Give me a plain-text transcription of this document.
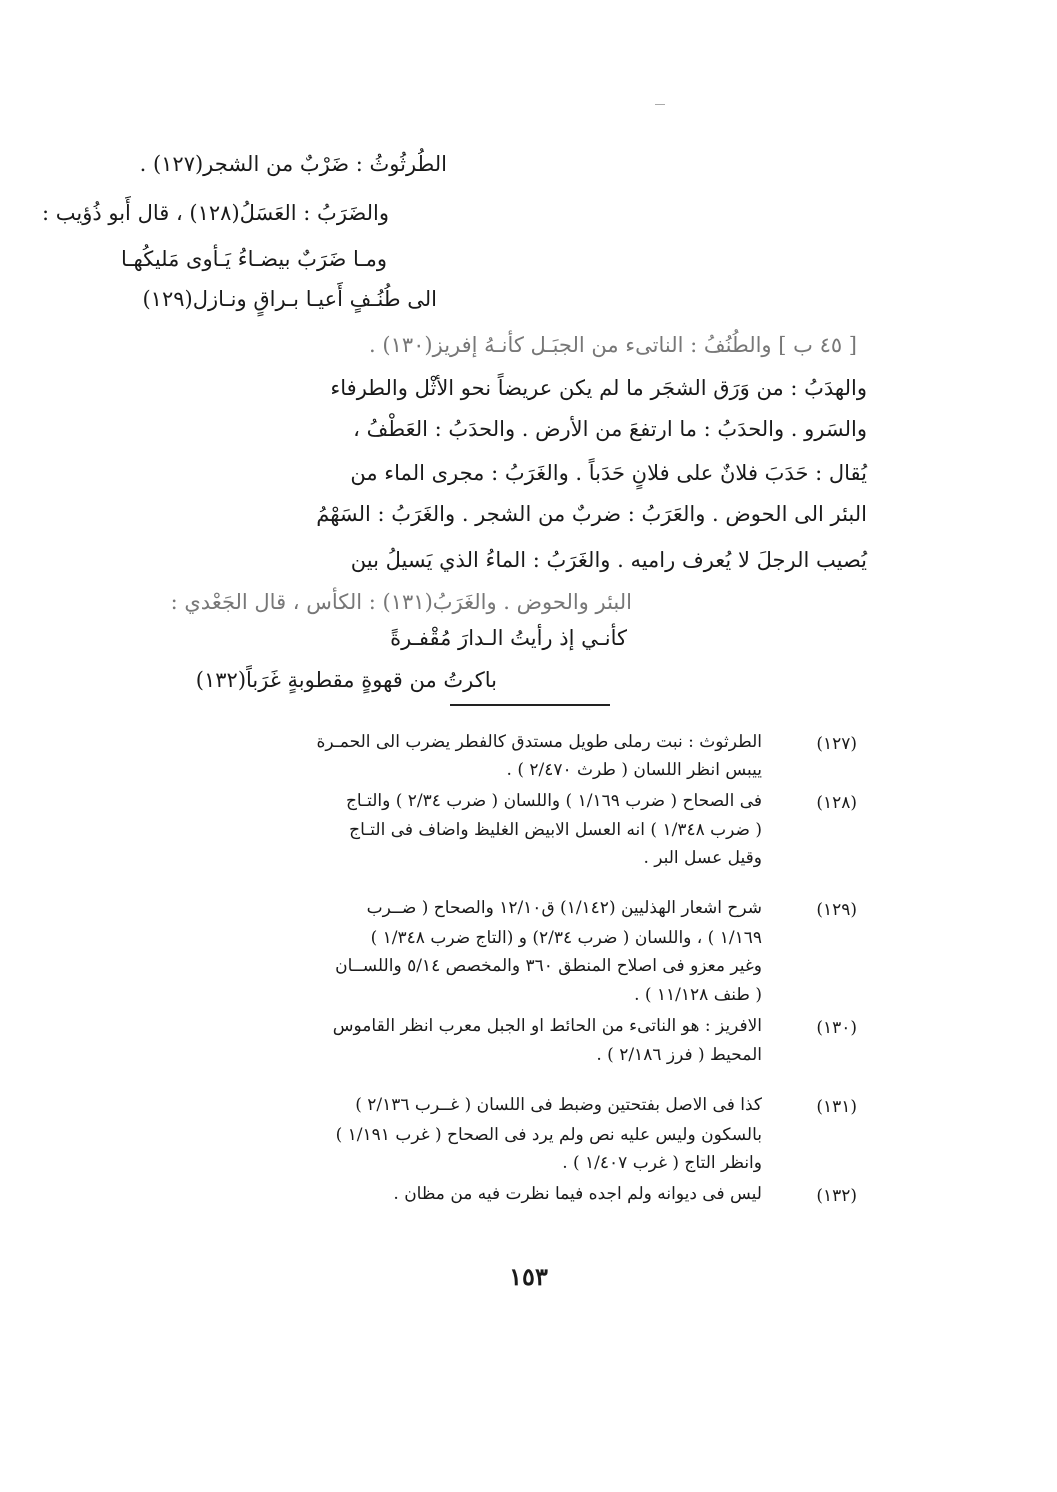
الطُرثُوثُ : ضَرْبٌ من الشجر(١٢٧) .
والضَرَبُ : العَسَلُ(١٢٨) ، قال أَبو ذُؤيب :
ومـا ضَرَبٌ بيضـاءُ يَـأوى مَليكُهـا
الى طُنُـفٍ أَعيـا بـراقٍ ونـازل(١٢٩)
[ ٤٥ ب ] والطُنُفُ : الناتىء من الجبَـل كأنـهُ إفريز(١٣٠) .
والهدَبُ : من وَرَق الشجَر ما لم يكن عريضاً نحو الأثْل والطرفاء
والسَرو . والحدَبُ : ما ارتفعَ من الأرض . والحدَبُ : العَطْفُ ،
يُقال : حَدَبَ فلانٌ على فلانٍ حَدَباً . والغَرَبُ : مجرى الماء من
البئر الى الحوض . والعَرَبُ : ضربٌ من الشجر . والغَرَبُ : السَهْمُ
يُصيب الرجلَ لا يُعرف راميه . والغَرَبُ : الماءُ الذي يَسيلُ بين
البئر والحوض . والغَرَبُ(١٣١) : الكأس ، قال الجَعْدي :
كأنـي إذ رأيتُ الـدارَ مُقْفـرةً
باكرتُ من قهوةٍ مقطوبةٍ غَرَباً(١٣٢)
(١٢٧)
الطرثوث : نبت رملى طويل مستدق كالفطر يضرب الى الحمـرة
ييبس انظر اللسان ( طرث ٢/٤٧٠ ) .
(١٢٨)
فى الصحاح ( ضرب ١/١٦٩ ) واللسان ( ضرب ٢/٣٤ ) والتـاج
( ضرب ١/٣٤٨ ) انه العسل الابيض الغليظ واضاف فى التـاج
وقيل عسل البر .
(١٢٩)
شرح اشعار الهذليين (١/١٤٢) ق١٢/١٠ والصحاح ( ضــرب
١/١٦٩ ) ، واللسان ( ضرب ٢/٣٤) و (التاج ضرب ١/٣٤٨ )
وغير معزو فى اصلاح المنطق ٣٦٠ والمخصص ٥/١٤ واللســان
( طنف ١١/١٢٨ ) .
(١٣٠)
الافريز : هو الناتىء من الحائط او الجبل معرب انظر القاموس
المحيط ( فرز ٢/١٨٦ ) .
(١٣١)
كذا فى الاصل بفتحتين وضبط فى اللسان ( غــرب ٢/١٣٦ )
بالسكون وليس عليه نص ولم يرد فى الصحاح ( غرب ١/١٩١ )
وانظر التاج ( غرب ١/٤٠٧ ) .
(١٣٢)
ليس فى ديوانه ولم اجده فيما نظرت فيه من مظان .
١٥٣
